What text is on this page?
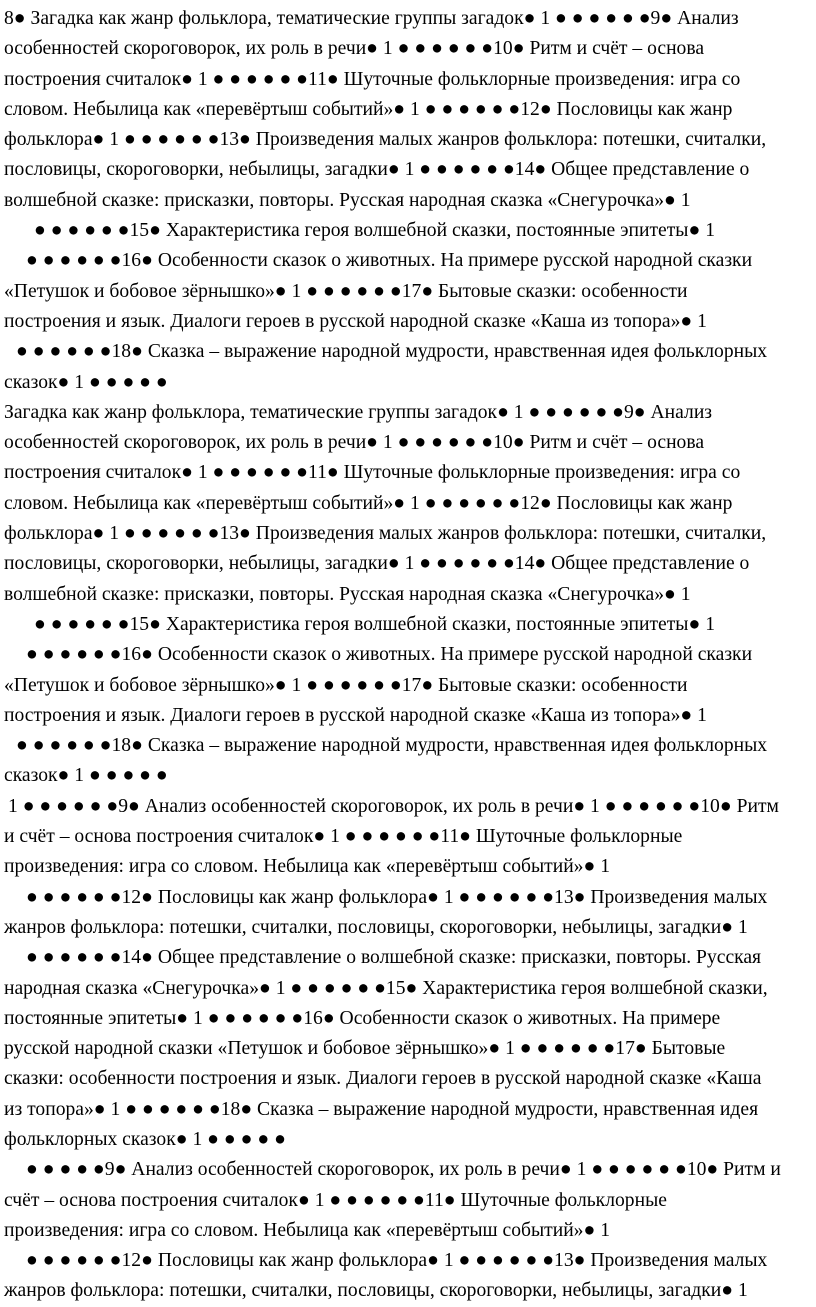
8● Загадка как жанр фольклора, тематические группы загадок● 1 ● ● ● ● ● ●9● Анализ
особенностей скороговорок, их роль в речи● 1 ● ● ● ● ● ●10● Ритм и счёт – основа
построения считалок● 1 ● ● ● ● ● ●11● Шуточные фольклорные произведения: игра со
словом. Небылица как «перевёртыш событий»● 1 ● ● ● ● ● ●12● Пословицы как жанр
фольклора● 1 ● ● ● ● ● ●13● Произведения малых жанров фольклора: потешки, считалки,
пословицы, скороговорки, небылицы, загадки● 1 ● ● ● ● ● ●14● Общее представление о
волшебной сказке: присказки, повторы. Русская народная сказка «Снегурочка»● 1
● ● ● ● ● ●15● Характеристика героя волшебной сказки, постоянные эпитеты● 1
● ● ● ● ● ●16● Особенности сказок о животных. На примере русской народной сказки
«Петушок и бобовое зёрнышко»● 1 ● ● ● ● ● ●17● Бытовые сказки: особенности
построения и язык. Диалоги героев в русской народной сказке «Каша из топора»● 1
● ● ● ● ● ●18● Сказка – выражение народной мудрости, нравственная идея фольклорных
сказок● 1 ● ● ● ● ●
Загадка как жанр фольклора, тематические группы загадок● 1 ● ● ● ● ● ●9● Анализ
особенностей скороговорок, их роль в речи● 1 ● ● ● ● ● ●10● Ритм и счёт – основа
построения считалок● 1 ● ● ● ● ● ●11● Шуточные фольклорные произведения: игра со
словом. Небылица как «перевёртыш событий»● 1 ● ● ● ● ● ●12● Пословицы как жанр
фольклора● 1 ● ● ● ● ● ●13● Произведения малых жанров фольклора: потешки, считалки,
пословицы, скороговорки, небылицы, загадки● 1 ● ● ● ● ● ●14● Общее представление о
волшебной сказке: присказки, повторы. Русская народная сказка «Снегурочка»● 1
● ● ● ● ● ●15● Характеристика героя волшебной сказки, постоянные эпитеты● 1
● ● ● ● ● ●16● Особенности сказок о животных. На примере русской народной сказки
«Петушок и бобовое зёрнышко»● 1 ● ● ● ● ● ●17● Бытовые сказки: особенности
построения и язык. Диалоги героев в русской народной сказке «Каша из топора»● 1
● ● ● ● ● ●18● Сказка – выражение народной мудрости, нравственная идея фольклорных
сказок● 1 ● ● ● ● ●
1 ● ● ● ● ● ●9● Анализ особенностей скороговорок, их роль в речи● 1 ● ● ● ● ● ●10● Ритм
и счёт – основа построения считалок● 1 ● ● ● ● ● ●11● Шуточные фольклорные
произведения: игра со словом. Небылица как «перевёртыш событий»● 1
● ● ● ● ● ●12● Пословицы как жанр фольклора● 1 ● ● ● ● ● ●13● Произведения малых
жанров фольклора: потешки, считалки, пословицы, скороговорки, небылицы, загадки● 1
● ● ● ● ● ●14● Общее представление о волшебной сказке: присказки, повторы. Русская
народная сказка «Снегурочка»● 1 ● ● ● ● ● ●15● Характеристика героя волшебной сказки,
постоянные эпитеты● 1 ● ● ● ● ● ●16● Особенности сказок о животных. На примере
русской народной сказки «Петушок и бобовое зёрнышко»● 1 ● ● ● ● ● ●17● Бытовые
сказки: особенности построения и язык. Диалоги героев в русской народной сказке «Каша
из топора»● 1 ● ● ● ● ● ●18● Сказка – выражение народной мудрости, нравственная идея
фольклорных сказок● 1 ● ● ● ● ●
● ● ● ● ●9● Анализ особенностей скороговорок, их роль в речи● 1 ● ● ● ● ● ●10● Ритм и
счёт – основа построения считалок● 1 ● ● ● ● ● ●11● Шуточные фольклорные
произведения: игра со словом. Небылица как «перевёртыш событий»● 1
● ● ● ● ● ●12● Пословицы как жанр фольклора● 1 ● ● ● ● ● ●13● Произведения малых
жанров фольклора: потешки, считалки, пословицы, скороговорки, небылицы, загадки● 1
